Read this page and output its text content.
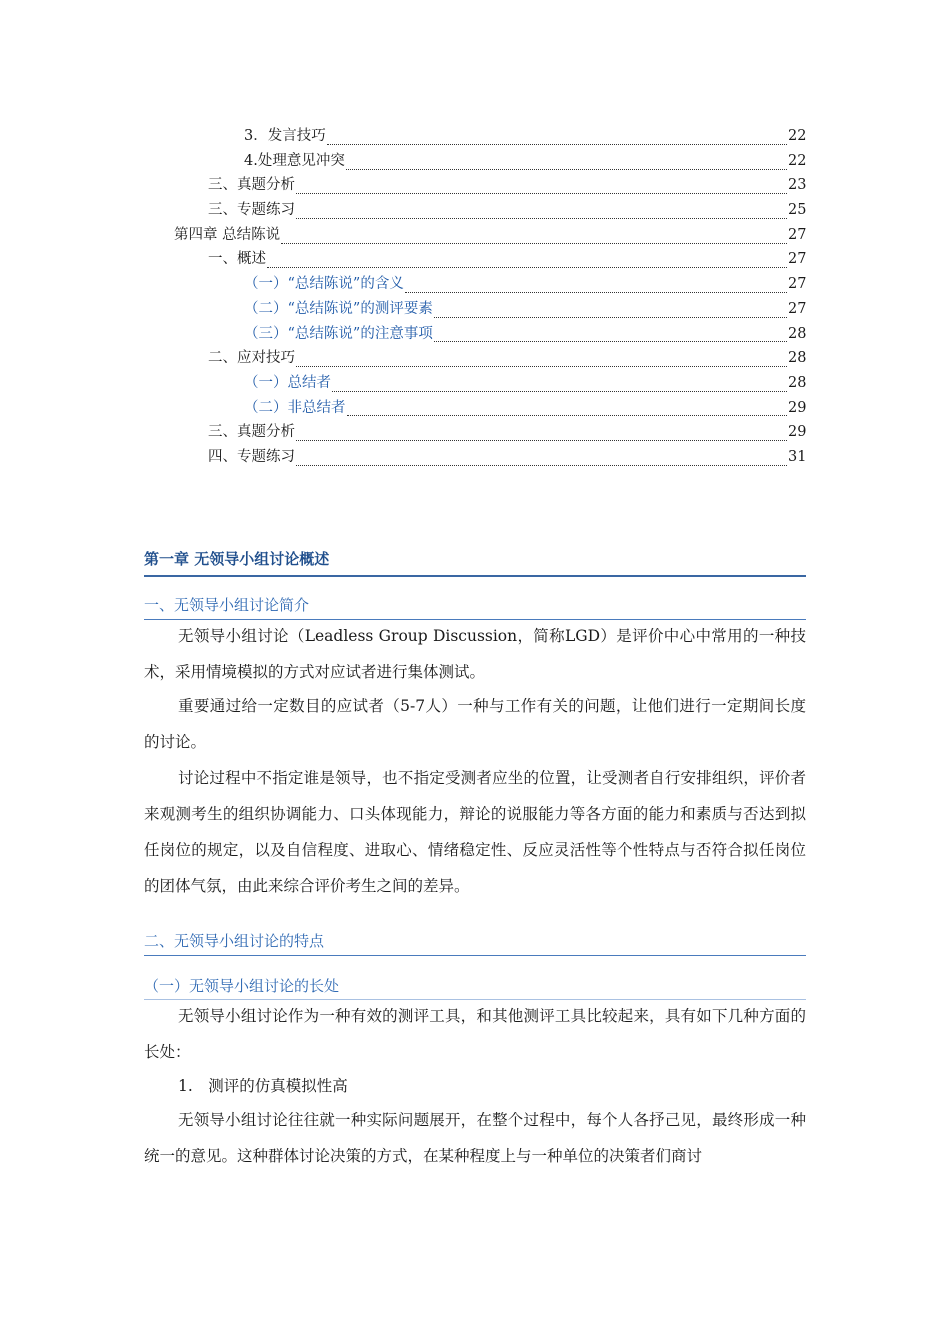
3．发言技巧	22
4.处理意见冲突	22
三、真题分析	23
三、专题练习	25
第四章 总结陈说	27
一、概述	27
（一）“总结陈说”的含义	27
（二）“总结陈说”的测评要素	27
（三）“总结陈说”的注意事项	28
二、应对技巧	28
（一）总结者	28
（二）非总结者	29
三、真题分析	29
四、专题练习	31
第一章 无领导小组讨论概述
一、无领导小组讨论简介
无领导小组讨论（Leadless Group Discussion，简称LGD）是评价中心中常用的一种技术，采用情境模拟的方式对应试者进行集体测试。
重要通过给一定数目的应试者（5-7人）一种与工作有关的问题，让他们进行一定期间长度的讨论。
讨论过程中不指定谁是领导，也不指定受测者应坐的位置，让受测者自行安排组织，评价者来观测考生的组织协调能力、口头体现能力，辩论的说服能力等各方面的能力和素质与否达到拟任岗位的规定，以及自信程度、进取心、情绪稳定性、反应灵活性等个性特点与否符合拟任岗位的团体气氛，由此来综合评价考生之间的差异。
二、无领导小组讨论的特点
（一）无领导小组讨论的长处
无领导小组讨论作为一种有效的测评工具，和其他测评工具比较起来，具有如下几种方面的长处：
1.　测评的仿真模拟性高
无领导小组讨论往往就一种实际问题展开，在整个过程中，每个人各抒己见，最终形成一种统一的意见。这种群体讨论决策的方式，在某种程度上与一种单位的决策者们商讨
